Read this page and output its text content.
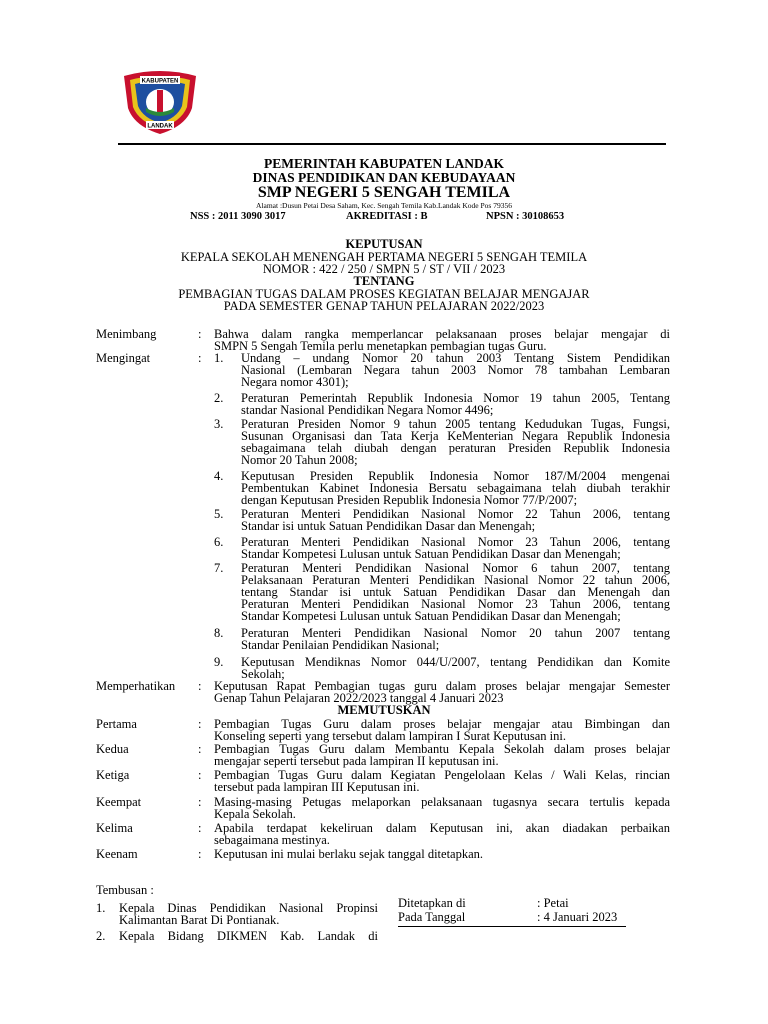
KABUPATEN
LANDAK
PEMERINTAH KABUPATEN LANDAK
DINAS PENDIDIKAN DAN KEBUDAYAAN
SMP NEGERI 5 SENGAH TEMILA
Alamat :Dusun Petai Desa Saham, Kec. Sengah Temila Kab.Landak Kode Pos 79356
NSS : 2011 3090 3017	AKREDITASI : B	NPSN : 30108653
KEPUTUSAN
KEPALA SEKOLAH MENENGAH PERTAMA NEGERI 5 SENGAH TEMILA
NOMOR : 422 / 250 / SMPN 5 / ST / VII / 2023
TENTANG
PEMBAGIAN TUGAS DALAM PROSES KEGIATAN BELAJAR MENGAJAR
PADA SEMESTER GENAP TAHUN PELAJARAN 2022/2023
Menimbang	: Bahwa dalam rangka memperlancar pelaksanaan proses belajar mengajar di
SMPN 5 Sengah Temila perlu menetapkan pembagian tugas Guru.
Mengingat	: 1. Undang – undang Nomor 20 tahun 2003 Tentang Sistem Pendidikan
Nasional (Lembaran Negara tahun 2003 Nomor 78 tambahan Lembaran
Negara nomor 4301);
2. Peraturan Pemerintah Republik Indonesia Nomor 19 tahun 2005, Tentang
standar Nasional Pendidikan Negara Nomor 4496;
3. Peraturan Presiden Nomor 9 tahun 2005 tentang Kedudukan Tugas, Fungsi,
Susunan Organisasi dan Tata Kerja KeMenterian Negara Republik Indonesia
sebagaimana telah diubah dengan peraturan Presiden Republik Indonesia
Nomor 20 Tahun 2008;
4. Keputusan Presiden Republik Indonesia Nomor 187/M/2004 mengenai
Pembentukan Kabinet Indonesia Bersatu sebagaimana telah diubah terakhir
dengan Keputusan Presiden Republik Indonesia Nomor 77/P/2007;
5. Peraturan Menteri Pendidikan Nasional Nomor 22 Tahun 2006, tentang
Standar isi untuk Satuan Pendidikan Dasar dan Menengah;
6. Peraturan Menteri Pendidikan Nasional Nomor 23 Tahun 2006, tentang
Standar Kompetesi Lulusan untuk Satuan Pendidikan Dasar dan Menengah;
7. Peraturan Menteri Pendidikan Nasional Nomor 6 tahun 2007, tentang
Pelaksanaan Peraturan Menteri Pendidikan Nasional Nomor 22 tahun 2006,
tentang Standar isi untuk Satuan Pendidikan Dasar dan Menengah dan
Peraturan Menteri Pendidikan Nasional Nomor 23 Tahun 2006, tentang
Standar Kompetesi Lulusan untuk Satuan Pendidikan Dasar dan Menengah;
8. Peraturan Menteri Pendidikan Nasional Nomor 20 tahun 2007 tentang
Standar Penilaian Pendidikan Nasional;
9. Keputusan Mendiknas Nomor 044/U/2007, tentang Pendidikan dan Komite
Sekolah;
Memperhatikan : Keputusan Rapat Pembagian tugas guru dalam proses belajar mengajar Semester
Genap Tahun Pelajaran 2022/2023 tanggal 4 Januari 2023
MEMUTUSKAN
Pertama	: Pembagian Tugas Guru dalam proses belajar mengajar atau Bimbingan dan
Konseling seperti yang tersebut dalam lampiran I Surat Keputusan ini.
Kedua	: Pembagian Tugas Guru dalam Membantu Kepala Sekolah dalam proses belajar
mengajar seperti tersebut pada lampiran II keputusan ini.
Ketiga	: Pembagian Tugas Guru dalam Kegiatan Pengelolaan Kelas / Wali Kelas, rincian
tersebut pada lampiran III Keputusan ini.
Keempat	: Masing-masing Petugas melaporkan pelaksanaan tugasnya secara tertulis kepada
Kepala Sekolah.
Kelima	: Apabila terdapat kekeliruan dalam Keputusan ini, akan diadakan perbaikan
sebagaimana mestinya.
Keenam	: Keputusan ini mulai berlaku sejak tanggal ditetapkan.
Tembusan :
1. Kepala Dinas Pendidikan Nasional Propinsi
Kalimantan Barat Di Pontianak.
2. Kepala Bidang DIKMEN Kab. Landak di
Ditetapkan di	: Petai
Pada Tanggal	: 4 Januari 2023
